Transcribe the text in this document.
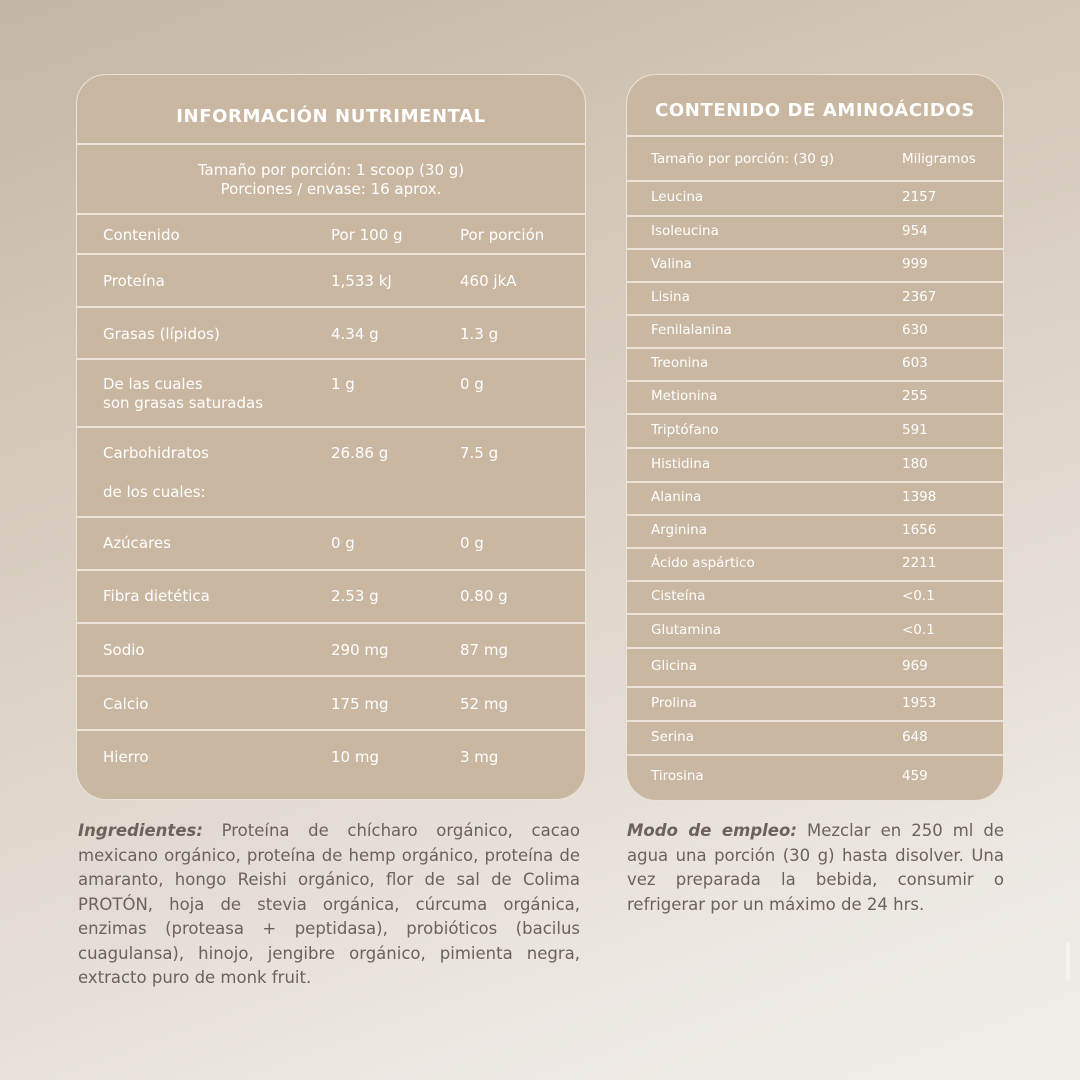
INFORMACIÓN NUTRIMENTAL
Tamaño por porción: 1 scoop (30 g)
Porciones / envase: 16 aprox.
Contenido	Por 100 g	Por porción
Proteína	1,533 kJ	460 jkA
Grasas (lípidos)	4.34 g	1.3 g
De las cuales
son grasas saturadas
1 g	0 g
Carbohidratos
de los cuales:
26.86 g	7.5 g
Azúcares	0 g	0 g
Fibra dietética	2.53 g	0.80 g
Sodio	290 mg	87 mg
Calcio	175 mg	52 mg
Hierro	10 mg	3 mg
CONTENIDO DE AMINOÁCIDOS
Tamaño por porción: (30 g)	Miligramos
Leucina	2157
Isoleucina	954
Valina	999
Lisina	2367
Fenilalanina	630
Treonina	603
Metionina	255
Triptófano	591
Histidina	180
Alanina	1398
Arginina	1656
Ácido aspártico	2211
Cisteína	<0.1
Glutamina	<0.1
Glicina	969
Prolina	1953
Serina	648
Tirosina	459

Ingredientes: Proteína de chícharo orgánico, cacao mexicano orgánico, proteína de hemp orgánico, proteína de amaranto, hongo Reishi orgánico, flor de sal de Colima PROTÓN, hoja de stevia orgánica, cúrcuma orgánica, enzimas (proteasa + peptidasa), probióticos (bacilus cuagulansa), hinojo, jengibre orgánico, pimienta negra, extracto puro de monk fruit.

Modo de empleo: Mezclar en 250 ml de agua una porción (30 g) hasta disolver. Una vez preparada la bebida, consumir o refrigerar por un máximo de 24 hrs.
